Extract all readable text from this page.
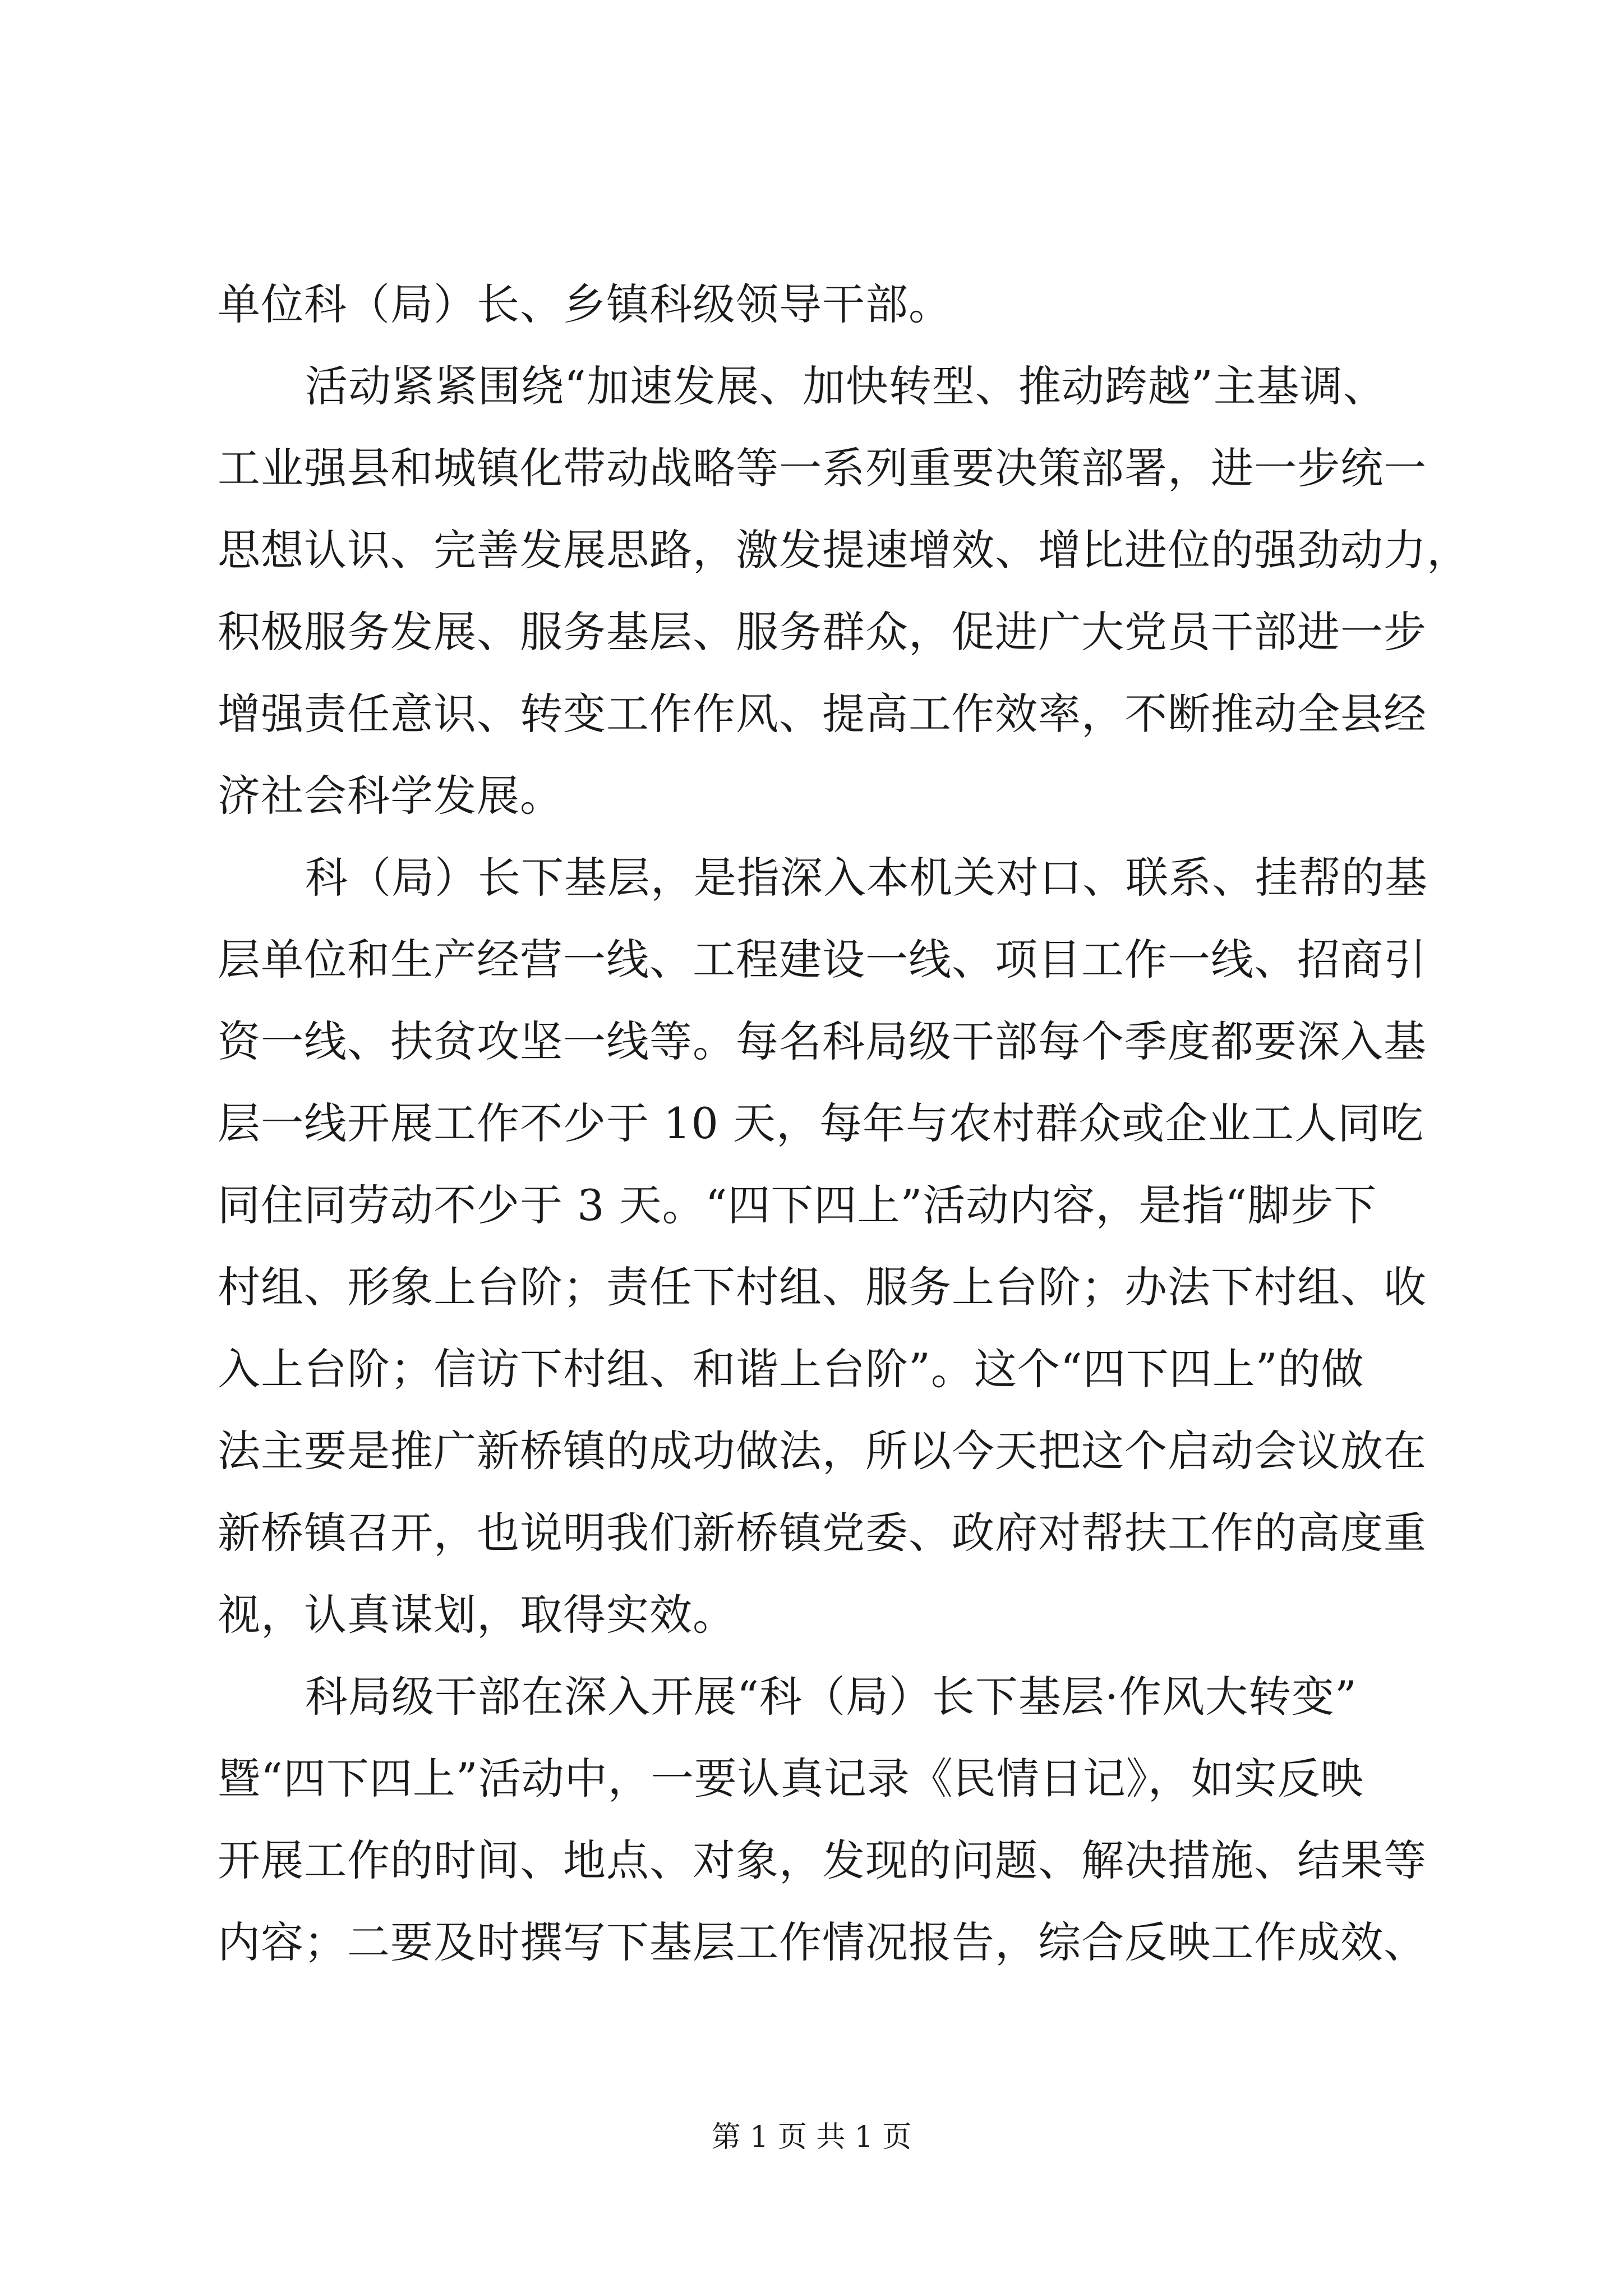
单位科（局）长、乡镇科级领导干部。
活动紧紧围绕“加速发展、加快转型、推动跨越”主基调、
工业强县和城镇化带动战略等一系列重要决策部署，进一步统一
思想认识、完善发展思路，激发提速增效、增比进位的强劲动力，
积极服务发展、服务基层、服务群众，促进广大党员干部进一步
增强责任意识、转变工作作风、提高工作效率，不断推动全县经
济社会科学发展。
科（局）长下基层，是指深入本机关对口、联系、挂帮的基
层单位和生产经营一线、工程建设一线、项目工作一线、招商引
资一线、扶贫攻坚一线等。每名科局级干部每个季度都要深入基
层一线开展工作不少于 10 天，每年与农村群众或企业工人同吃
同住同劳动不少于 3 天。“四下四上”活动内容，是指“脚步下
村组、形象上台阶；责任下村组、服务上台阶；办法下村组、收
入上台阶；信访下村组、和谐上台阶”。这个“四下四上”的做
法主要是推广新桥镇的成功做法，所以今天把这个启动会议放在
新桥镇召开，也说明我们新桥镇党委、政府对帮扶工作的高度重
视，认真谋划，取得实效。
科局级干部在深入开展“科（局）长下基层·作风大转变”
暨“四下四上”活动中，一要认真记录《民情日记》，如实反映
开展工作的时间、地点、对象，发现的问题、解决措施、结果等
内容；二要及时撰写下基层工作情况报告，综合反映工作成效、
第 1 页 共 1 页
